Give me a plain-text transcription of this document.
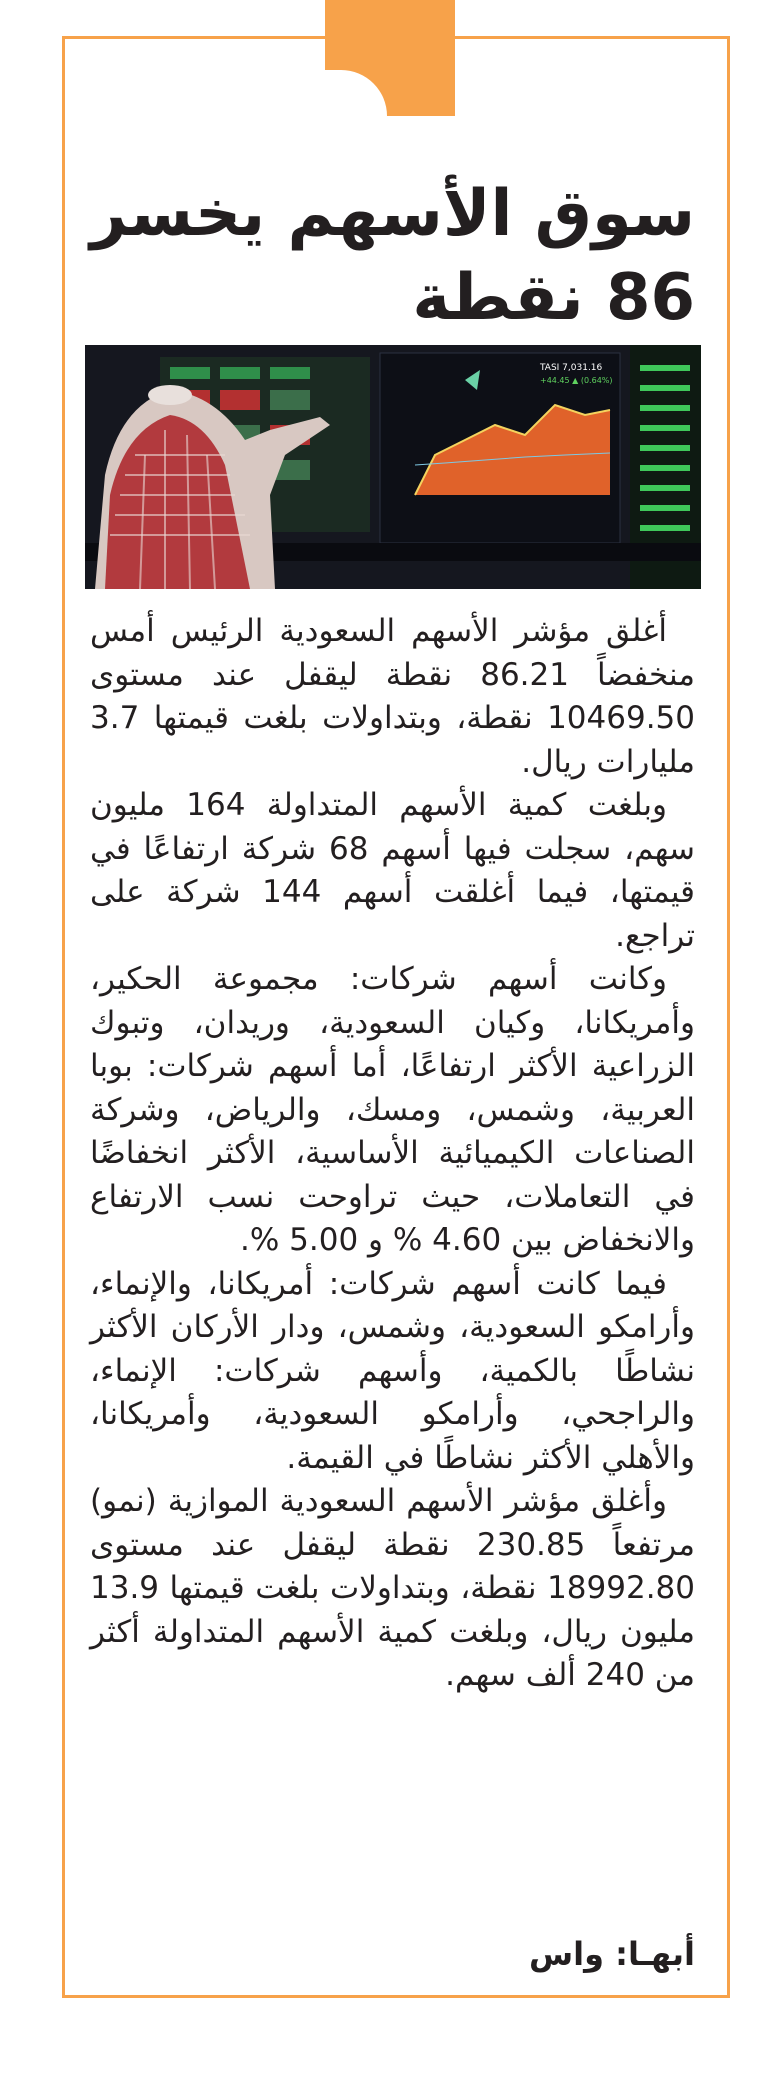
سوق الأسهم يخسر 86 نقطة
TASI 7,031.16
+44.45 ▲ (0.64%)

أغلق مؤشر الأسهم السعودية الرئيس أمس منخفضاً 86.21 نقطة ليقفل عند مستوى 10469.50 نقطة، وبتداولات بلغت قيمتها 3.7 مليارات ريال.

وبلغت كمية الأسهم المتداولة 164 مليون سهم، سجلت فيها أسهم 68 شركة ارتفاعًا في قيمتها، فيما أغلقت أسهم 144 شركة على تراجع.

وكانت أسهم شركات: مجموعة الحكير، وأمريكانا، وكيان السعودية، وريدان، وتبوك الزراعية الأكثر ارتفاعًا، أما أسهم شركات: بوبا العربية، وشمس، ومسك، والرياض، وشركة الصناعات الكيميائية الأساسية، الأكثر انخفاضًا في التعاملات، حيث تراوحت نسب الارتفاع والانخفاض بين 4.60 % و 5.00 %.

فيما كانت أسهم شركات: أمريكانا، والإنماء، وأرامكو السعودية، وشمس، ودار الأركان الأكثر نشاطًا بالكمية، وأسهم شركات: الإنماء، والراجحي، وأرامكو السعودية، وأمريكانا، والأهلي الأكثر نشاطًا في القيمة.

وأغلق مؤشر الأسهم السعودية الموازية (نمو) مرتفعاً 230.85 نقطة ليقفل عند مستوى 18992.80 نقطة، وبتداولات بلغت قيمتها 13.9 مليون ريال، وبلغت كمية الأسهم المتداولة أكثر من 240 ألف سهم.

أبهـا: واس
